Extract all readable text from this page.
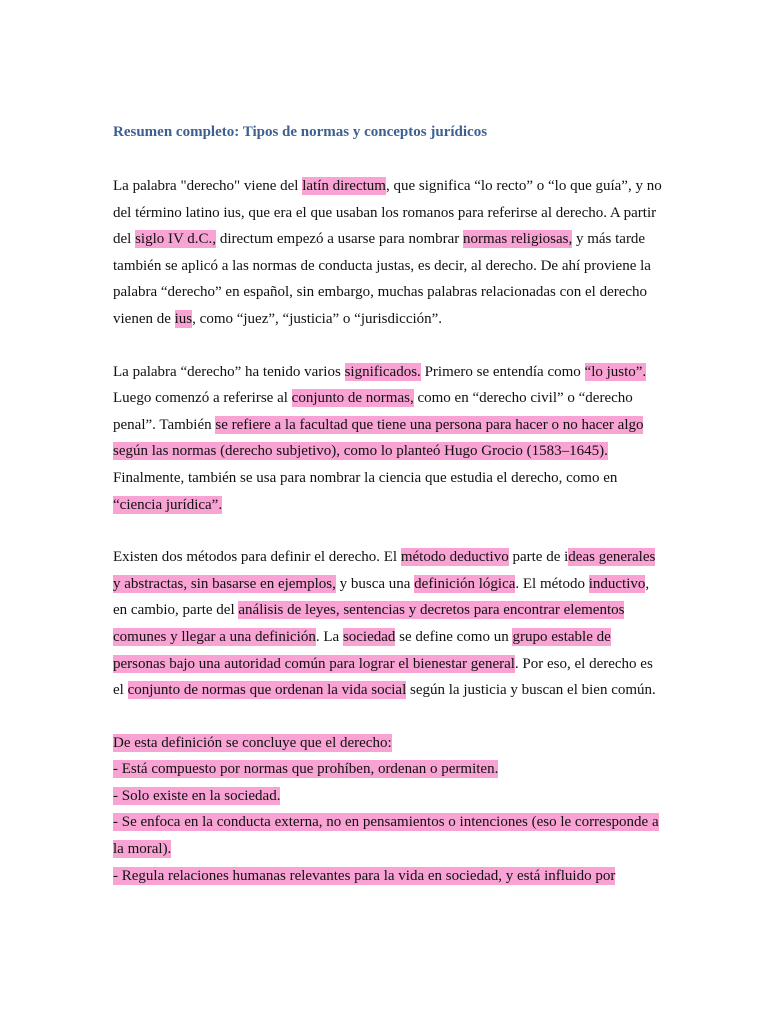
Resumen completo: Tipos de normas y conceptos jurídicos

La palabra "derecho" viene del latín directum, que significa “lo recto” o “lo que guía”, y no del término latino ius, que era el que usaban los romanos para referirse al derecho. A partir del siglo IV d.C., directum empezó a usarse para nombrar normas religiosas, y más tarde también se aplicó a las normas de conducta justas, es decir, al derecho. De ahí proviene la palabra “derecho” en español, sin embargo, muchas palabras relacionadas con el derecho vienen de ius, como “juez”, “justicia” o “jurisdicción”.

La palabra “derecho” ha tenido varios significados. Primero se entendía como “lo justo”. Luego comenzó a referirse al conjunto de normas, como en “derecho civil” o “derecho penal”. También se refiere a la facultad que tiene una persona para hacer o no hacer algo según las normas (derecho subjetivo), como lo planteó Hugo Grocio (1583–1645). Finalmente, también se usa para nombrar la ciencia que estudia el derecho, como en “ciencia jurídica”.

Existen dos métodos para definir el derecho. El método deductivo parte de ideas generales y abstractas, sin basarse en ejemplos, y busca una definición lógica. El método inductivo, en cambio, parte del análisis de leyes, sentencias y decretos para encontrar elementos comunes y llegar a una definición. La sociedad se define como un grupo estable de personas bajo una autoridad común para lograr el bienestar general. Por eso, el derecho es el conjunto de normas que ordenan la vida social según la justicia y buscan el bien común.

De esta definición se concluye que el derecho:
- Está compuesto por normas que prohíben, ordenan o permiten.
- Solo existe en la sociedad.
- Se enfoca en la conducta externa, no en pensamientos o intenciones (eso le corresponde a la moral).
- Regula relaciones humanas relevantes para la vida en sociedad, y está influido por
